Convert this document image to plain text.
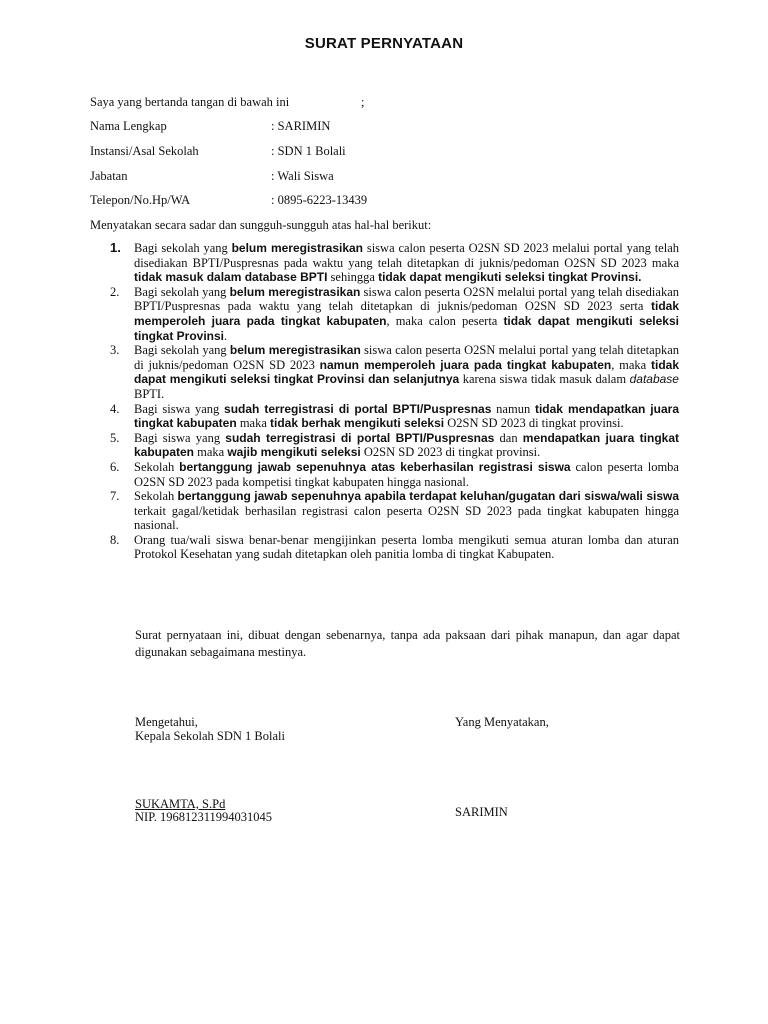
SURAT PERNYATAAN
Saya yang bertanda tangan di bawah ini	;
Nama Lengkap	: SARIMIN
Instansi/Asal Sekolah	: SDN 1 Bolali
Jabatan	: Wali Siswa
Telepon/No.Hp/WA	: 0895-6223-13439
Menyatakan secara sadar dan sungguh-sungguh atas hal-hal berikut:

1. Bagi sekolah yang belum meregistrasikan siswa calon peserta O2SN SD 2023 melalui portal yang telah disediakan BPTI/Puspresnas pada waktu yang telah ditetapkan di juknis/pedoman O2SN SD 2023 maka tidak masuk dalam database BPTI sehingga tidak dapat mengikuti seleksi tingkat Provinsi.

2. Bagi sekolah yang belum meregistrasikan siswa calon peserta O2SN melalui portal yang telah disediakan BPTI/Puspresnas pada waktu yang telah ditetapkan di juknis/pedoman O2SN SD 2023 serta tidak memperoleh juara pada tingkat kabupaten, maka calon peserta tidak dapat mengikuti seleksi tingkat Provinsi.

3. Bagi sekolah yang belum meregistrasikan siswa calon peserta O2SN melalui portal yang telah ditetapkan di juknis/pedoman O2SN SD 2023 namun memperoleh juara pada tingkat kabupaten, maka tidak dapat mengikuti seleksi tingkat Provinsi dan selanjutnya karena siswa tidak masuk dalam database BPTI.

4. Bagi siswa yang sudah terregistrasi di portal BPTI/Puspresnas namun tidak mendapatkan juara tingkat kabupaten maka tidak berhak mengikuti seleksi O2SN SD 2023 di tingkat provinsi.

5. Bagi siswa yang sudah terregistrasi di portal BPTI/Puspresnas dan mendapatkan juara tingkat kabupaten maka wajib mengikuti seleksi O2SN SD 2023 di tingkat provinsi.

6. Sekolah bertanggung jawab sepenuhnya atas keberhasilan registrasi siswa calon peserta lomba O2SN SD 2023 pada kompetisi tingkat kabupaten hingga nasional.

7. Sekolah bertanggung jawab sepenuhnya apabila terdapat keluhan/gugatan dari siswa/wali siswa terkait gagal/ketidak berhasilan registrasi calon peserta O2SN SD 2023 pada tingkat kabupaten hingga nasional.

8. Orang tua/wali siswa benar-benar mengijinkan peserta lomba mengikuti semua aturan lomba dan aturan Protokol Kesehatan yang sudah ditetapkan oleh panitia lomba di tingkat Kabupaten.

Surat pernyataan ini, dibuat dengan sebenarnya, tanpa ada paksaan dari pihak manapun, dan agar dapat digunakan sebagaimana mestinya.
Mengetahui,
Kepala Sekolah SDN 1 Bolali
SUKAMTA, S.Pd
NIP. 196812311994031045
Yang Menyatakan,
SARIMIN
